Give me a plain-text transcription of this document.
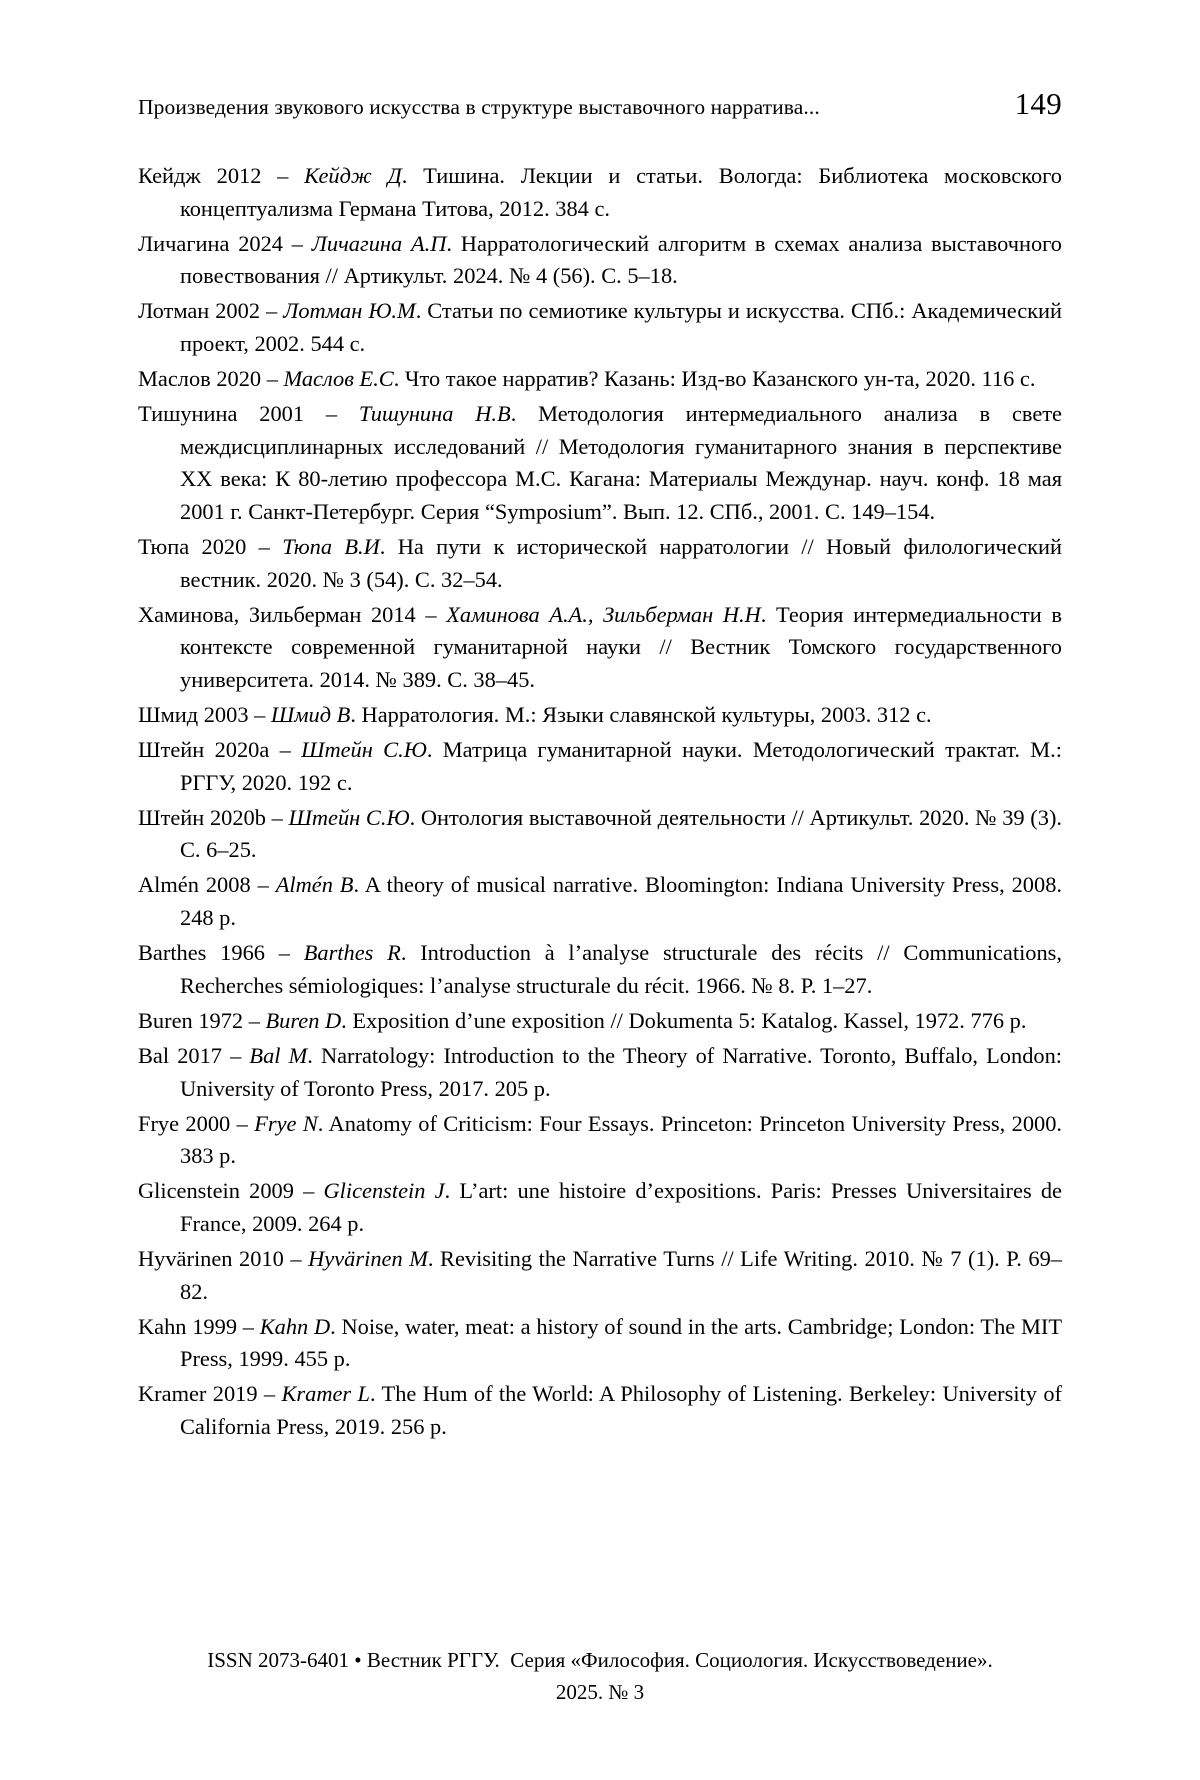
Произведения звукового искусства в структуре выставочного нарратива...	149

Кейдж 2012 – Кейдж Д. Тишина. Лекции и статьи. Вологда: Библиотека московского концептуализма Германа Титова, 2012. 384 с.

Личагина 2024 – Личагина А.П. Нарратологический алгоритм в схемах анализа выставочного повествования // Артикульт. 2024. № 4 (56). С. 5–18.

Лотман 2002 – Лотман Ю.М. Статьи по семиотике культуры и искусства. СПб.: Академический проект, 2002. 544 с.

Маслов 2020 – Маслов Е.С. Что такое нарратив? Казань: Изд-во Казанского ун-та, 2020. 116 с.

Тишунина 2001 – Тишунина Н.В. Методология интермедиального анализа в свете междисциплинарных исследований // Методология гуманитарного знания в перспективе XX века: К 80-летию профессора М.С. Кагана: Материалы Междунар. науч. конф. 18 мая 2001 г. Санкт-Петербург. Серия “Symposium”. Вып. 12. СПб., 2001. С. 149–154.

Тюпа 2020 – Тюпа В.И. На пути к исторической нарратологии // Новый филологический вестник. 2020. № 3 (54). С. 32–54.

Хаминова, Зильберман 2014 – Хаминова А.А., Зильберман Н.Н. Теория интермедиальности в контексте современной гуманитарной науки // Вестник Томского государственного университета. 2014. № 389. С. 38–45.

Шмид 2003 – Шмид В. Нарратология. М.: Языки славянской культуры, 2003. 312 с.

Штейн 2020a – Штейн С.Ю. Матрица гуманитарной науки. Методологический трактат. М.: РГГУ, 2020. 192 с.

Штейн 2020b – Штейн С.Ю. Онтология выставочной деятельности // Артикульт. 2020. № 39 (3). С. 6–25.

Almén 2008 – Almén B. A theory of musical narrative. Bloomington: Indiana University Press, 2008. 248 p.

Barthes 1966 – Barthes R. Introduction à l’analyse structurale des récits // Communications, Recherches sémiologiques: l’analyse structurale du récit. 1966. № 8. P. 1–27.

Buren 1972 – Buren D. Exposition d’une exposition // Dokumenta 5: Katalog. Kassel, 1972. 776 p.

Bal 2017 – Bal M. Narratology: Introduction to the Theory of Narrative. Toronto, Buffalo, London: University of Toronto Press, 2017. 205 p.

Frye 2000 – Frye N. Anatomy of Criticism: Four Essays. Princeton: Princeton University Press, 2000. 383 p.

Glicenstein 2009 – Glicenstein J. L’art: une histoire d’expositions. Paris: Presses Universitaires de France, 2009. 264 p.

Hyvärinen 2010 – Hyvärinen M. Revisiting the Narrative Turns // Life Writing. 2010. № 7 (1). P. 69–82.

Kahn 1999 – Kahn D. Noise, water, meat: a history of sound in the arts. Cambridge; London: The MIT Press, 1999. 455 p.

Kramer 2019 – Kramer L. The Hum of the World: A Philosophy of Listening. Berkeley: University of California Press, 2019. 256 p.

ISSN 2073-6401 • Вестник РГГУ.  Серия «Философия. Социология. Искусствоведение».
2025. № 3
